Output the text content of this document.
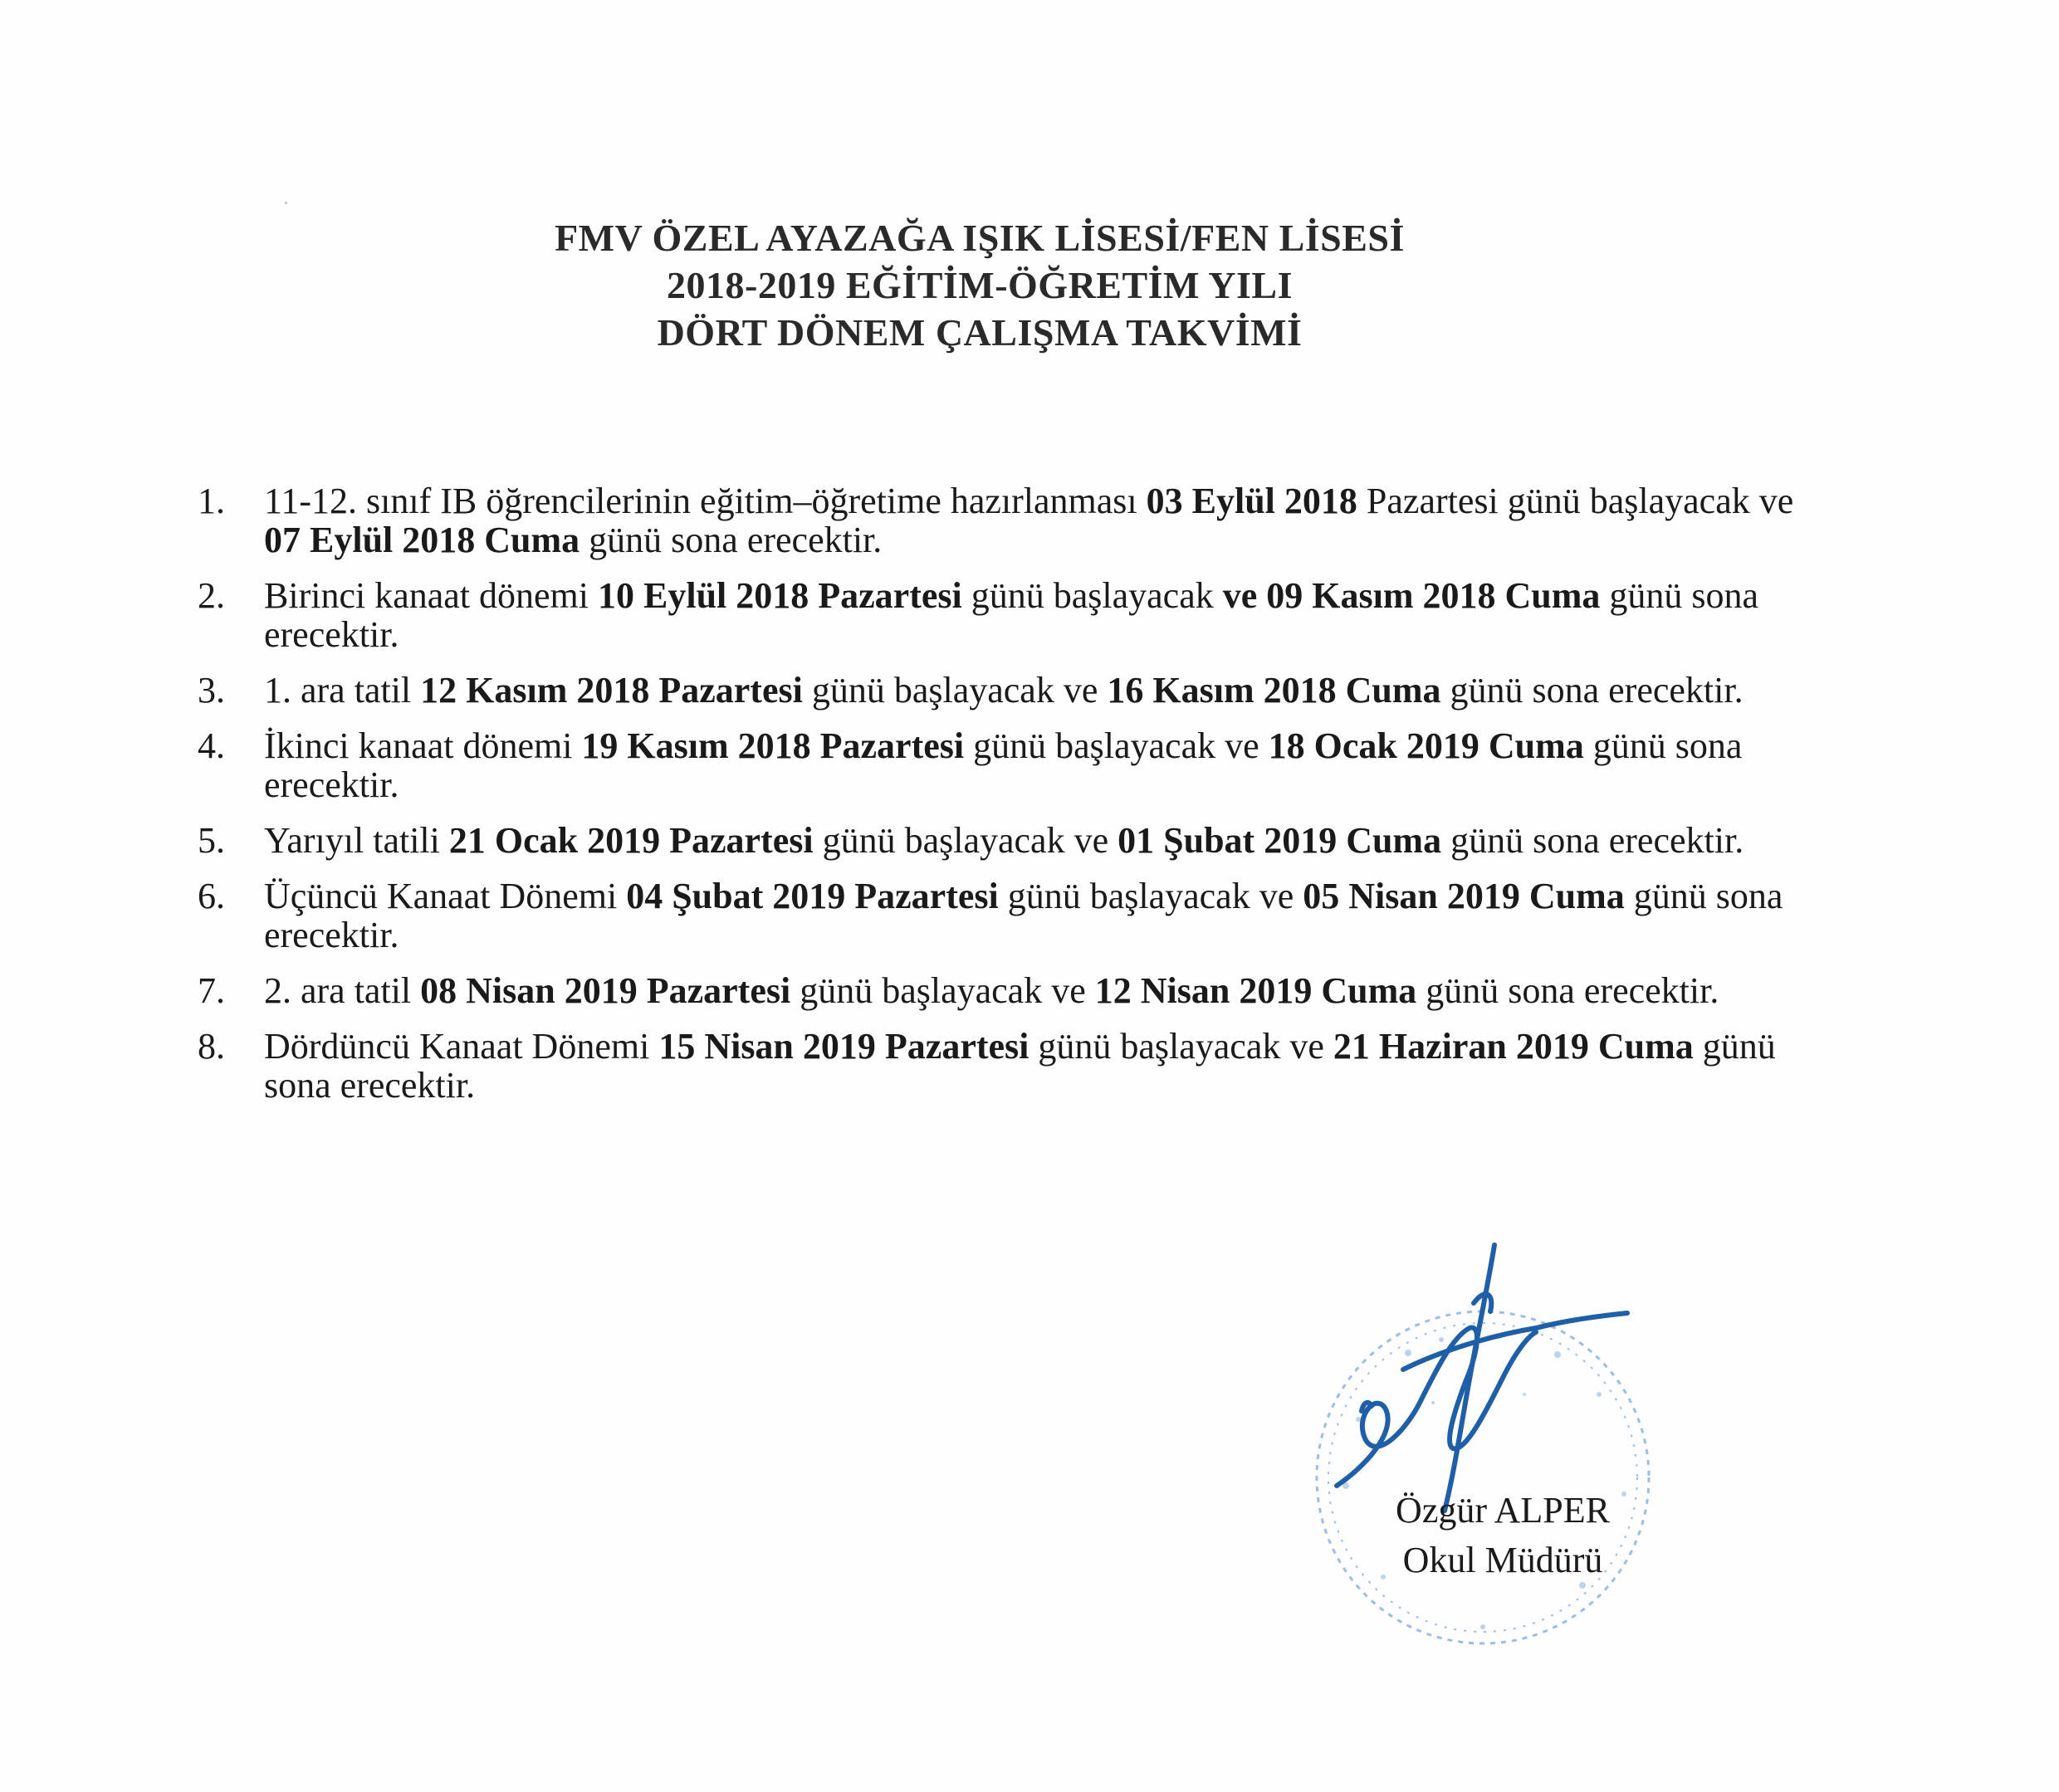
FMV ÖZEL AYAZAĞA IŞIK LİSESİ/FEN LİSESİ
2018-2019 EĞİTİM-ÖĞRETİM YILI
DÖRT DÖNEM ÇALIŞMA TAKVİMİ
1.	11-12. sınıf IB öğrencilerinin eğitim–öğretime hazırlanması 03 Eylül 2018 Pazartesi günü başlayacak ve 07 Eylül 2018 Cuma günü sona erecektir.
2.	Birinci kanaat dönemi 10 Eylül 2018 Pazartesi günü başlayacak ve 09 Kasım 2018 Cuma günü sona erecektir.
3.	1. ara tatil 12 Kasım 2018 Pazartesi günü başlayacak ve 16 Kasım 2018 Cuma günü sona erecektir.
4.	İkinci kanaat dönemi 19 Kasım 2018 Pazartesi günü başlayacak ve 18 Ocak 2019 Cuma günü sona erecektir.
5.	Yarıyıl tatili 21 Ocak 2019 Pazartesi günü başlayacak ve 01 Şubat 2019 Cuma günü sona erecektir.
6.	Üçüncü Kanaat Dönemi 04 Şubat 2019 Pazartesi günü başlayacak ve 05 Nisan 2019 Cuma günü sona erecektir.
7.	2. ara tatil 08 Nisan 2019 Pazartesi günü başlayacak ve 12 Nisan 2019 Cuma günü sona erecektir.
8.	Dördüncü Kanaat Dönemi 15 Nisan 2019 Pazartesi günü başlayacak ve 21 Haziran 2019 Cuma günü sona erecektir.
Özgür ALPER
Okul Müdürü
